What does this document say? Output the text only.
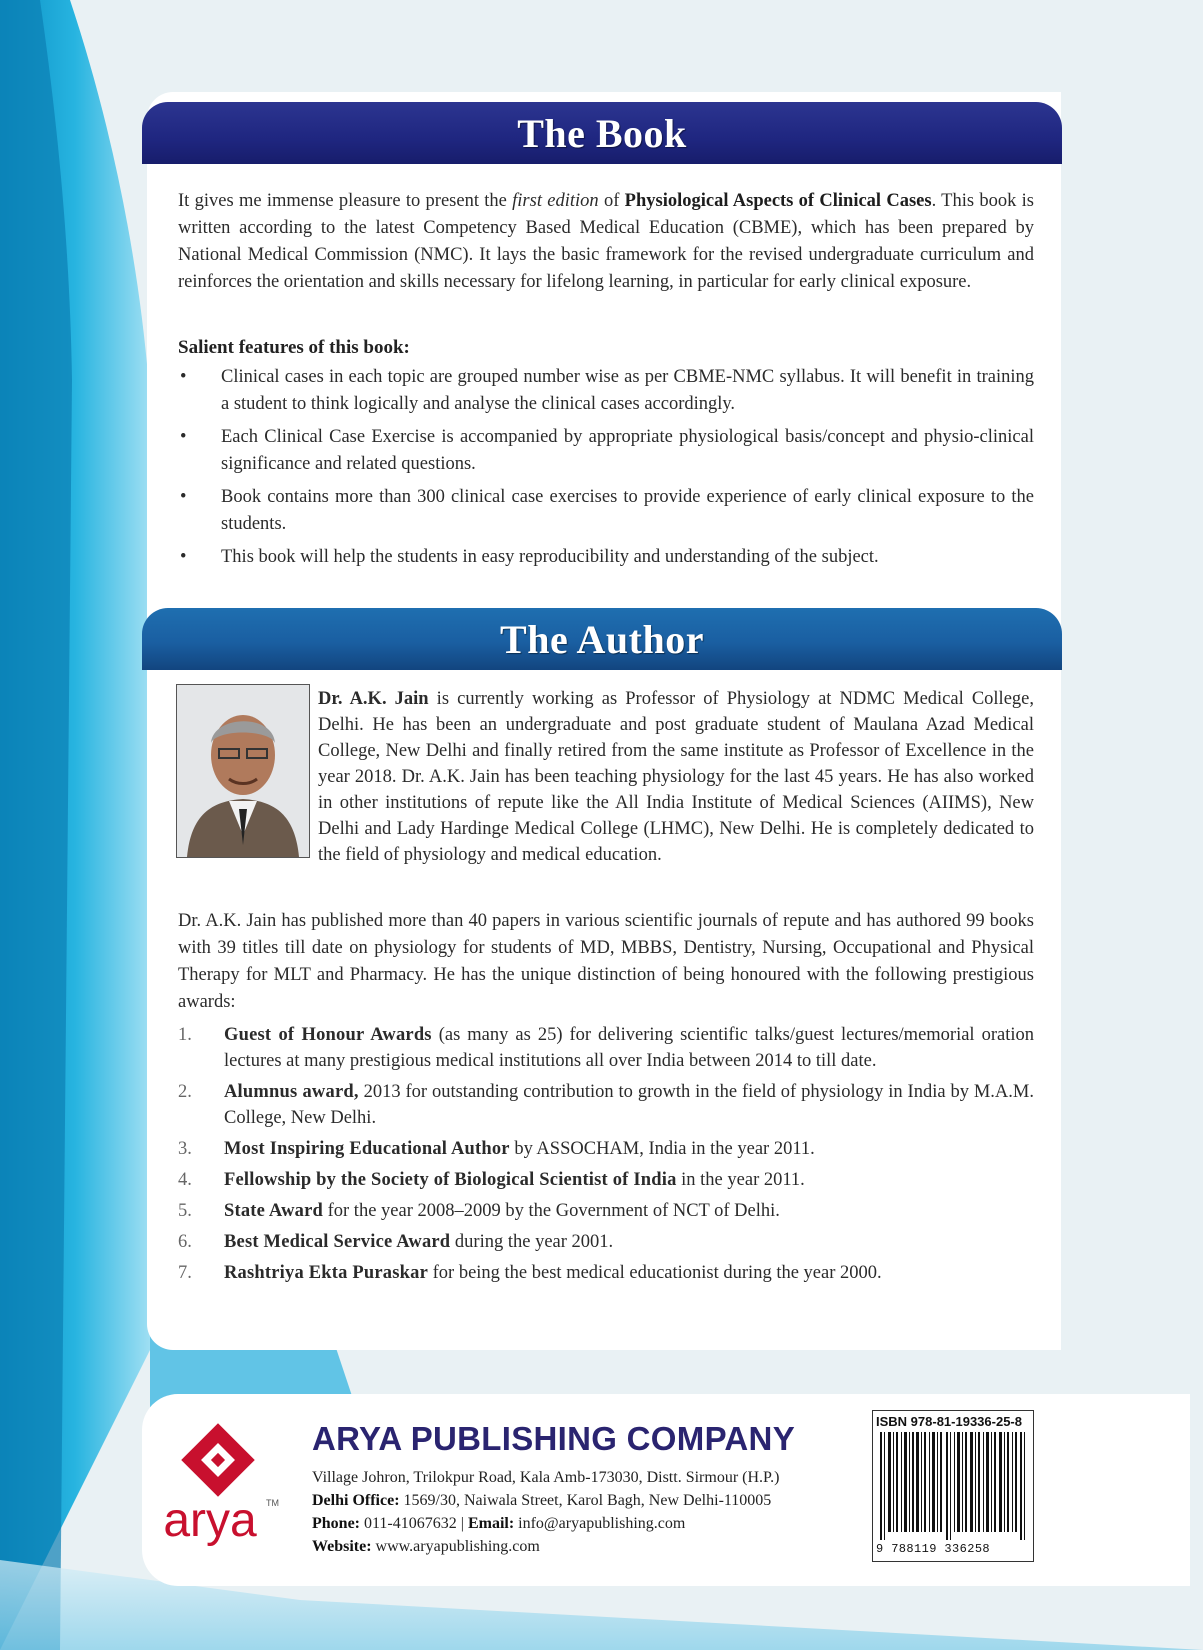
The Book
It gives me immense pleasure to present the first edition of Physiological Aspects of Clinical Cases. This book is written according to the latest Competency Based Medical Education (CBME), which has been prepared by National Medical Commission (NMC). It lays the basic framework for the revised undergraduate curriculum and reinforces the orientation and skills necessary for lifelong learning, in particular for early clinical exposure.
Salient features of this book:
• Clinical cases in each topic are grouped number wise as per CBME-NMC syllabus. It will benefit in training a student to think logically and analyse the clinical cases accordingly.
• Each Clinical Case Exercise is accompanied by appropriate physiological basis/concept and physio-clinical significance and related questions.
• Book contains more than 300 clinical case exercises to provide experience of early clinical exposure to the students.
• This book will help the students in easy reproducibility and understanding of the subject.
The Author
Dr. A.K. Jain is currently working as Professor of Physiology at NDMC Medical College, Delhi. He has been an undergraduate and post graduate student of Maulana Azad Medical College, New Delhi and finally retired from the same institute as Professor of Excellence in the year 2018. Dr. A.K. Jain has been teaching physiology for the last 45 years. He has also worked in other institutions of repute like the All India Institute of Medical Sciences (AIIMS), New Delhi and Lady Hardinge Medical College (LHMC), New Delhi. He is completely dedicated to the field of physiology and medical education.
Dr. A.K. Jain has published more than 40 papers in various scientific journals of repute and has authored 99 books with 39 titles till date on physiology for students of MD, MBBS, Dentistry, Nursing, Occupational and Physical Therapy for MLT and Pharmacy. He has the unique distinction of being honoured with the following prestigious awards:
1. Guest of Honour Awards (as many as 25) for delivering scientific talks/guest lectures/memorial oration lectures at many prestigious medical institutions all over India between 2014 to till date.
2. Alumnus award, 2013 for outstanding contribution to growth in the field of physiology in India by M.A.M. College, New Delhi.
3. Most Inspiring Educational Author by ASSOCHAM, India in the year 2011.
4. Fellowship by the Society of Biological Scientist of India in the year 2011.
5. State Award for the year 2008–2009 by the Government of NCT of Delhi.
6. Best Medical Service Award during the year 2001.
7. Rashtriya Ekta Puraskar for being the best medical educationist during the year 2000.
arya TM
ARYA PUBLISHING COMPANY
Village Johron, Trilokpur Road, Kala Amb-173030, Distt. Sirmour (H.P.)
Delhi Office: 1569/30, Naiwala Street, Karol Bagh, New Delhi-110005
Phone: 011-41067632 | Email: info@aryapublishing.com
Website: www.aryapublishing.com
ISBN 978-81-19336-25-8
9 788119 336258
